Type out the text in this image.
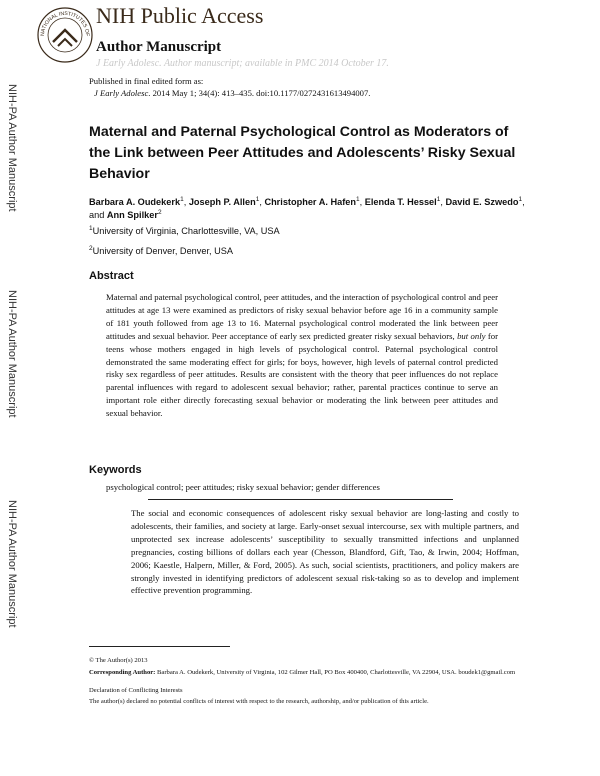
NATIONAL INSTITUTES OF
NIH Public Access
Author Manuscript
J Early Adolesc. Author manuscript; available in PMC 2014 October 17.
Published in final edited form as:
J Early Adolesc. 2014 May 1; 34(4): 413–435. doi:10.1177/0272431613494007.
NIH-PA Author Manuscript
NIH-PA Author Manuscript
NIH-PA Author Manuscript
Maternal and Paternal Psychological Control as Moderators of the Link between Peer Attitudes and Adolescents’ Risky Sexual Behavior
Barbara A. Oudekerk$^1$, Joseph P. Allen$^1$, Christopher A. Hafen$^1$, Elenda T. Hessel$^1$, David E. Szwedo$^1$, and Ann Spilker$^2$
$^1$University of Virginia, Charlottesville, VA, USA
$^2$University of Denver, Denver, USA
Abstract
Maternal and paternal psychological control, peer attitudes, and the interaction of psychological control and peer attitudes at age 13 were examined as predictors of risky sexual behavior before age 16 in a community sample of 181 youth followed from age 13 to 16. Maternal psychological control moderated the link between peer attitudes and sexual behavior. Peer acceptance of early sex predicted greater risky sexual behaviors, but only for teens whose mothers engaged in high levels of psychological control. Paternal psychological control demonstrated the same moderating effect for girls; for boys, however, high levels of paternal control predicted risky sex regardless of peer attitudes. Results are consistent with the theory that peer influences do not replace parental influences with regard to adolescent sexual behavior; rather, parental practices continue to serve an important role either directly forecasting sexual behavior or moderating the link between peer attitudes and sexual behavior.
Keywords
psychological control; peer attitudes; risky sexual behavior; gender differences
The social and economic consequences of adolescent risky sexual behavior are long-lasting and costly to adolescents, their families, and society at large. Early-onset sexual intercourse, sex with multiple partners, and unprotected sex increase adolescents’ susceptibility to sexually transmitted infections and unplanned pregnancies, costing billions of dollars each year (Chesson, Blandford, Gift, Tao, & Irwin, 2004; Hoffman, 2006; Kaestle, Halpern, Miller, & Ford, 2005). As such, social scientists, practitioners, and policy makers are strongly invested in identifying predictors of adolescent sexual risk-taking so as to develop and implement effective prevention programming.
© The Author(s) 2013
Corresponding Author: Barbara A. Oudekerk, University of Virginia, 102 Gilmer Hall, PO Box 400400, Charlottesville, VA 22904, USA. boudek1@gmail.com
Declaration of Conflicting Interests
The author(s) declared no potential conflicts of interest with respect to the research, authorship, and/or publication of this article.
